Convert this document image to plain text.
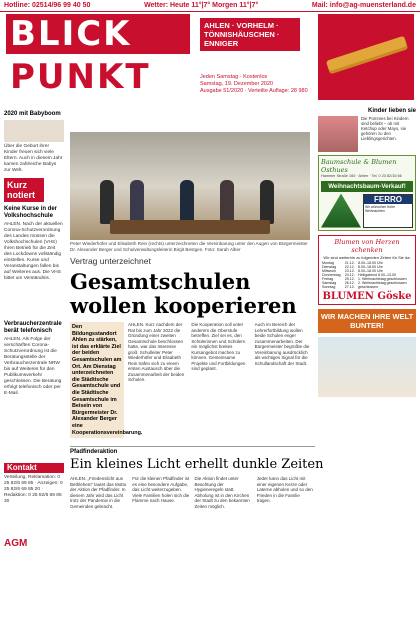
Hotline: 02514/96 99 40 50	Wetter: Heute 11°|7° Morgen 11°|7°	Mail: info@ag-muensterland.de
BLICK
PUNKT
AHLEN · VORHELM ·
TÖNNISHÄUSCHEN ·
ENNIGER
Jeden Samstag · Kostenlos
Samstag, 19. Dezember 2020
Ausgabe 51/2020 · Verteilte Auflage: 28 980
2020 mit Babyboom
Über die Geburt ihrer Kinder freuen sich viele Eltern. Auch in diesem Jahr kamen zahlreiche Babys zur Welt.
Kurz notiert
Keine Kurse in der Volkshochschule
AHLEN. Nach der aktuellen Corona-Schutzverordnung des Landes müssen die Volkshochschulen (VHS) ihren Betrieb für die Zeit des Lockdowns vollständig einstellen. Kurse und Veranstaltungen fallen bis auf Weiteres aus. Die VHS bittet um Verständnis.
Verbraucherzentrale berät telefonisch
AHLEN. Als Folge der verschärften Corona-Schutzverordnung ist die Beratungsstelle der Verbraucherzentrale NRW bis auf Weiteres für den Publikumsverkehr geschlossen. Die Beratung erfolgt telefonisch oder per E-Mail.
Kontakt
Verteilung, Reklamation: 0 25 82/6 69 85 · Anzeigen: 0 25 82/6 69 85 20 · Redaktion: 0 25 82/6 69 85 30
AGM
Peter Wiederhöfer und Elisabeth Rein (rechts) unterzeichneten die Vereinbarung unter den Augen von Bürgermeister Dr. Alexander Berger und Schulverwaltungsleiterin Birgit Bestgen. Foto: Sarah Alber
Vertrag unterzeichnet
Gesamtschulen
wollen kooperieren
Den Bildungsstandort Ahlen zu stärken, ist das erklärte Ziel der beiden Gesamtschulen am Ort. Am Dienstag unterzeichneten die Städtische Gesamtschule und die Städtische Gesamtschule im Beisein von Bürgermeister Dr. Alexander Berger eine Kooperationsvereinbarung.
AHLEN. Kurz nachdem der Rat bis zum Jahr 2022 die Gründung einer zweiten Gesamtschule beschlossen hatte, war das Interesse groß. Schulleiter Peter Wiederhöfer und Elisabeth Rein trafen sich zu einem ersten Austausch über die Zusammenarbeit der beiden Schulen.
Die Kooperation soll unter anderem die Oberstufe betreffen. Ziel sei es, den Schülerinnen und Schülern ein möglichst breites Kursangebot machen zu können. Gemeinsame Projekte und Fortbildungen sind geplant.
Auch im Bereich der Lehrerfortbildung wollen beide Schulen enger zusammenarbeiten. Der Bürgermeister begrüßte die Vereinbarung ausdrücklich als wichtiges Signal für die Schullandschaft der Stadt.
Pfadfinderaktion
Ein kleines Licht erhellt dunkle Zeiten
AHLEN. „Friedenslicht aus Bethlehem“ lautet das Motto der Aktion der Pfadfinder. In diesem Jahr wird das Licht trotz der Pandemie in die Gemeinden gebracht.
Für die kleinen Pfadfinder ist es eine besondere Aufgabe, das Licht weiterzugeben. Viele Familien holen sich die Flamme nach Hause.
Die Aktion findet unter Beachtung der Hygieneregeln statt. Abholung ist in den Kirchen der Stadt zu den bekannten Zeiten möglich.
Jeder kann das Licht mit einer eigenen Kerze oder Laterne abholen und so den Frieden in die Familie tragen.
Kinder lieben sie
Die Pommes bei Kindern sind beliebt – ob mit Ketchup oder Mayo, sie gehören zu den Lieblingsgerichten.
Baumschule & Blumen Osthues
Hammer Straße 160 · Ahlen · Tel. 0 23 82/16 66
Weihnachtsbaum-Verkauf!
FERRO
Wir wünschen frohe Weihnachten
Blumen von Herzen schenken
Wir sind weiterhin zu folgenden Zeiten für Sie da:
Montag	21.12.	8.00–18.00 Uhr
Dienstag	22.12.	8.00–18.00 Uhr
Mittwoch	23.12.	8.00–18.00 Uhr
Donnerstag	24.12.	Heiligabend 8.00–13.00
Freitag	25.12.	1. Weihnachtstag geschlossen
Samstag	26.12.	2. Weihnachtstag geschlossen
Sonntag	27.12.	geschlossen
BLUMEN Göske
WIR MACHEN IHRE WELT BUNTER!
